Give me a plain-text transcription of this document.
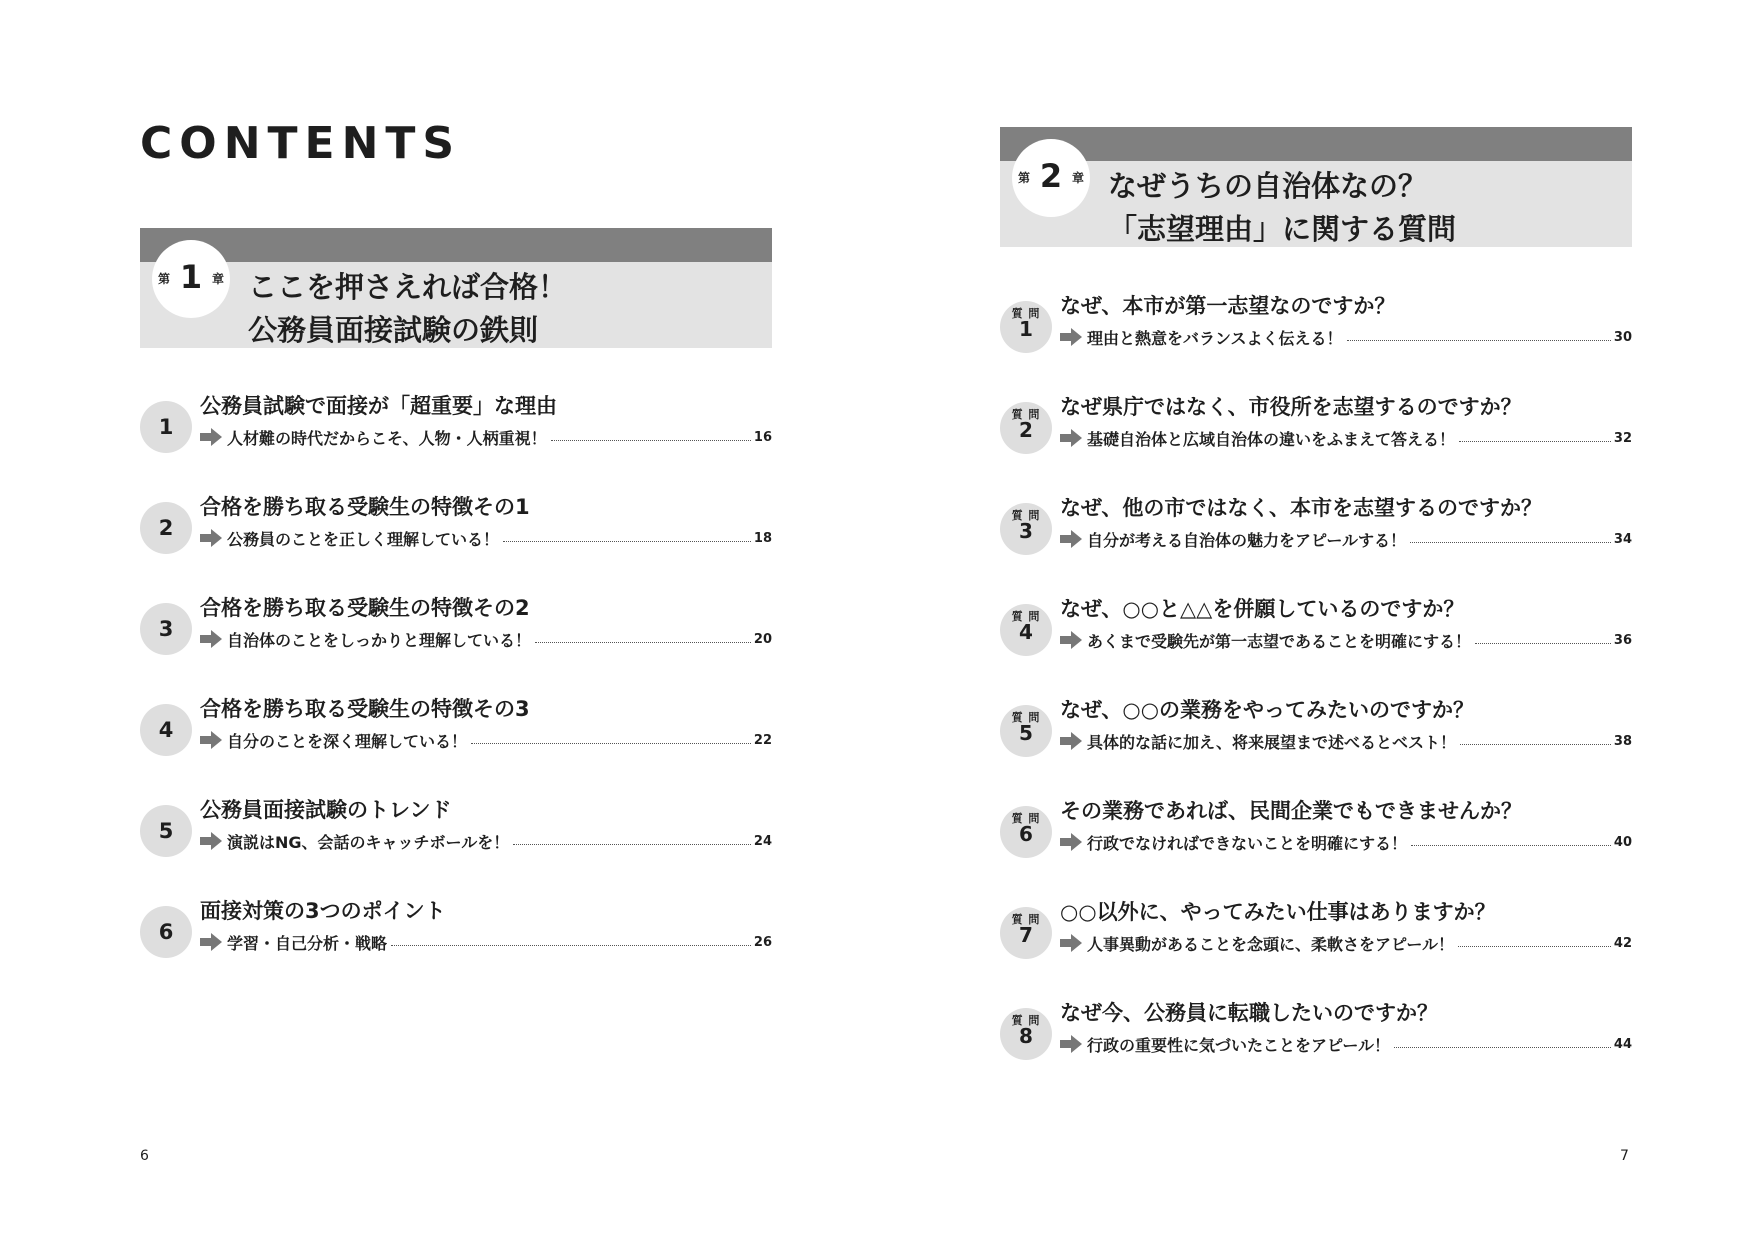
CONTENTS
第 1 章 ここを押さえれば合格！
公務員面接試験の鉄則
第 2 章 なぜうちの自治体なの？
「志望理由」に関する質問
1
公務員試験で面接が「超重要」な理由
人材難の時代だからこそ、人物・人柄重視！	16
2
合格を勝ち取る受験生の特徴その1
公務員のことを正しく理解している！	18
3
合格を勝ち取る受験生の特徴その2
自治体のことをしっかりと理解している！	20
4
合格を勝ち取る受験生の特徴その3
自分のことを深く理解している！	22
5
公務員面接試験のトレンド
演説はNG、会話のキャッチボールを！	24
6
面接対策の3つのポイント
学習・自己分析・戦略	26
質 問
1
なぜ、本市が第一志望なのですか？
理由と熱意をバランスよく伝える！	30
質 問
2
なぜ県庁ではなく、市役所を志望するのですか？
基礎自治体と広域自治体の違いをふまえて答える！	32
質 問
3
なぜ、他の市ではなく、本市を志望するのですか？
自分が考える自治体の魅力をアピールする！	34
質 問
4
なぜ、○○と△△を併願しているのですか？
あくまで受験先が第一志望であることを明確にする！	36
質 問
5
なぜ、○○の業務をやってみたいのですか？
具体的な話に加え、将来展望まで述べるとベスト！	38
質 問
6
その業務であれば、民間企業でもできませんか？
行政でなければできないことを明確にする！	40
質 問
7
○○以外に、やってみたい仕事はありますか？
人事異動があることを念頭に、柔軟さをアピール！	42
質 問
8
なぜ今、公務員に転職したいのですか？
行政の重要性に気づいたことをアピール！	44
6	7
